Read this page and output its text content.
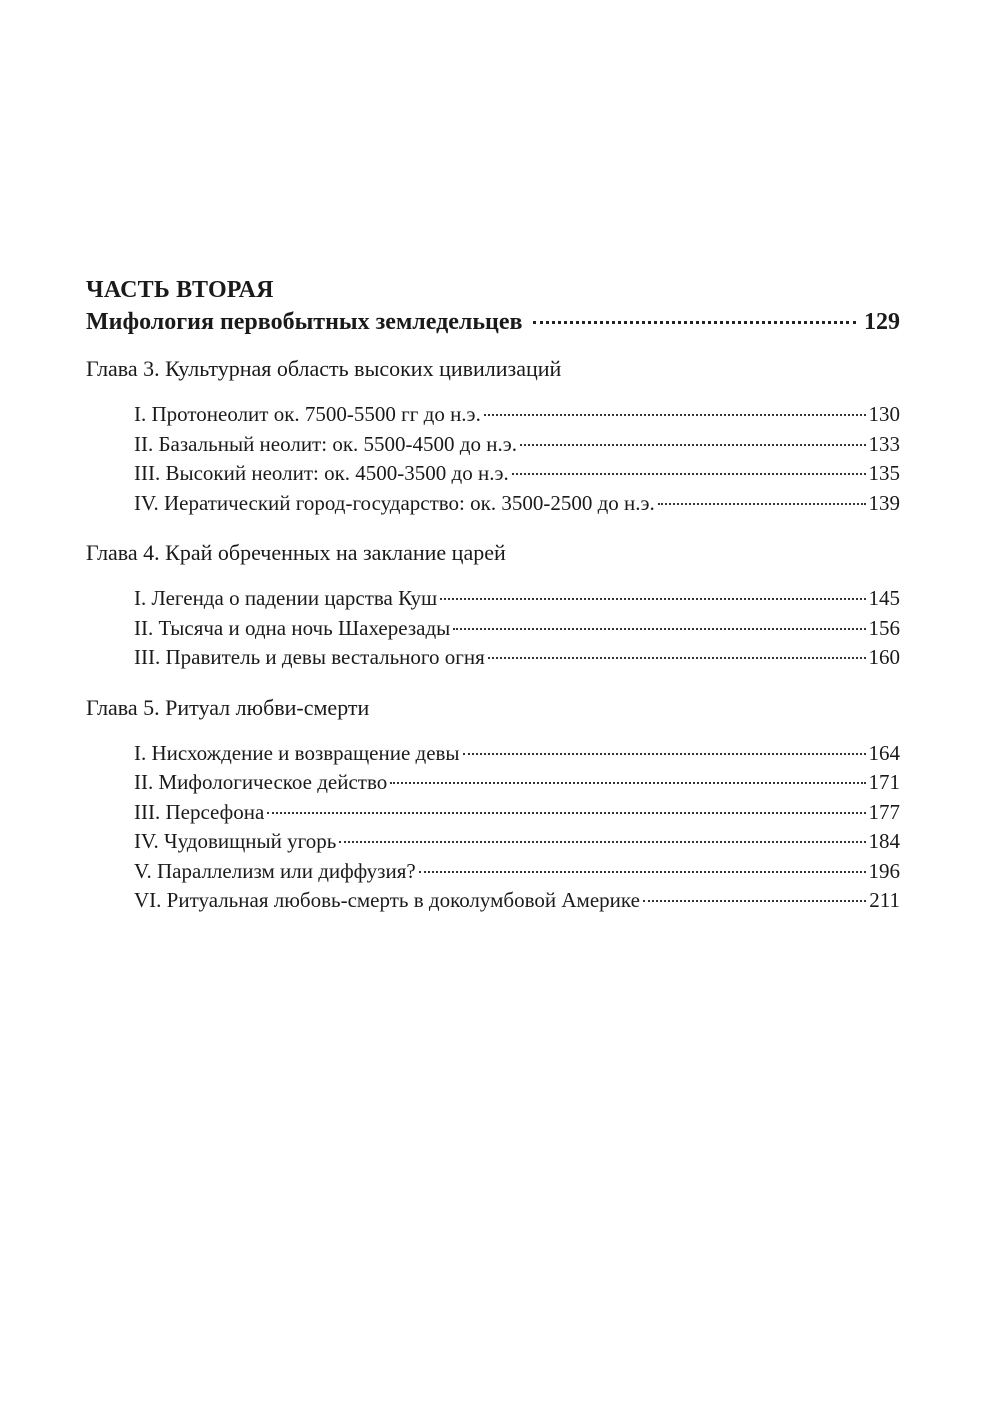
ЧАСТЬ ВТОРАЯ
Мифология первобытных земледельцев	129
Глава 3. Культурная область высоких цивилизаций
I. Протонеолит ок. 7500-5500 гг до н.э.	130
II. Базальный неолит: ок. 5500-4500 до н.э.	133
III. Высокий неолит: ок. 4500-3500 до н.э.	135
IV. Иератический город-государство: ок. 3500-2500 до н.э.	139
Глава 4. Край обреченных на заклание царей
I. Легенда о падении царства Куш	145
II. Тысяча и одна ночь Шахерезады	156
III. Правитель и девы вестального огня	160
Глава 5. Ритуал любви-смерти
I. Нисхождение и возвращение девы	164
II. Мифологическое действо	171
III. Персефона	177
IV. Чудовищный угорь	184
V. Параллелизм или диффузия?	196
VI. Ритуальная любовь-смерть в доколумбовой Америке	211
